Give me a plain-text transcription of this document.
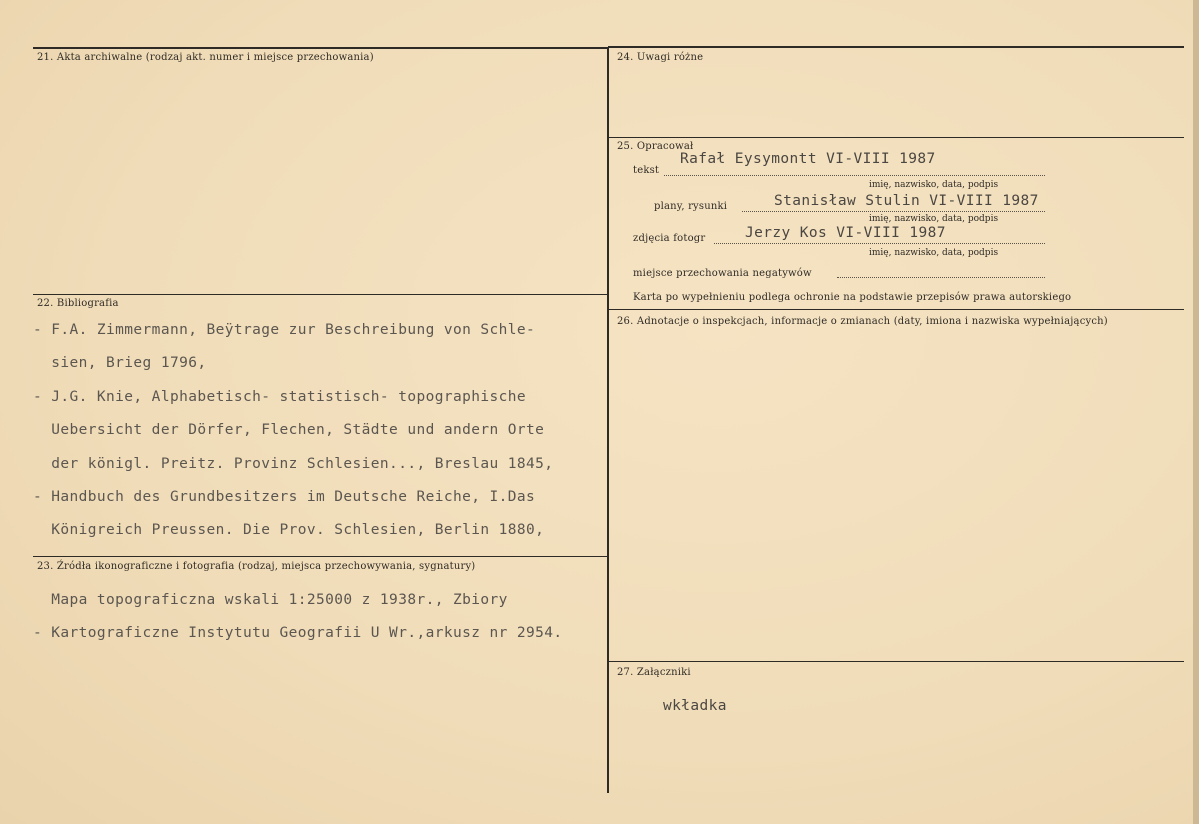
21. Akta archiwalne (rodzaj akt. numer i miejsce przechowania)
22. Bibliografia
- F.A. Zimmermann, Beÿtrage zur Beschreibung von Schle-
sien, Brieg 1796,
- J.G. Knie, Alphabetisch- statistisch- topographische
Uebersicht der Dörfer, Flechen, Städte und andern Orte
der königl. Preitz. Provinz Schlesien..., Breslau 1845,
- Handbuch des Grundbesitzers im Deutsche Reiche, I.Das
Königreich Preussen. Die Prov. Schlesien, Berlin 1880,
23. Źródła ikonograficzne i fotografia (rodzaj, miejsca przechowywania, sygnatury)
Mapa topograficzna wskali 1:25000 z 1938r., Zbiory
- Kartograficzne Instytutu Geografii U Wr.,arkusz nr 2954.
24. Uwagi różne
25. Opracował
tekst
Rafał Eysymontt VI-VIII 1987
imię, nazwisko, data, podpis
plany, rysunki	Stanisław Stulin VI-VIII 1987
imię, nazwisko, data, podpis
zdjęcia fotogr	Jerzy Kos VI-VIII 1987
imię, nazwisko, data, podpis
miejsce przechowania negatywów
Karta po wypełnieniu podlega ochronie na podstawie przepisów prawa autorskiego
26. Adnotacje o inspekcjach, informacje o zmianach (daty, imiona i nazwiska wypełniających)
27. Załączniki
wkładka
